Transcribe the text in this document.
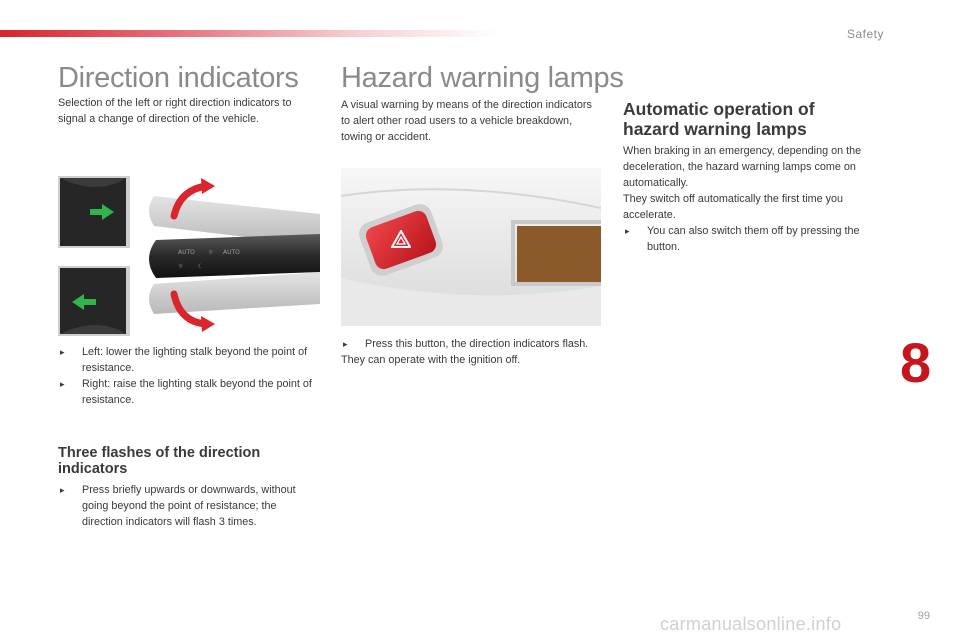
Safety
Direction indicators

Selection of the left or right direction indicators to signal a change of direction of the vehicle.

AUTO ☼ AUTO
☼ ☾
▸	Left: lower the lighting stalk beyond the point of resistance.
▸	Right: raise the lighting stalk beyond the point of resistance.
Three flashes of the direction indicators
▸	Press briefly upwards or downwards, without going beyond the point of resistance; the direction indicators will flash 3 times.
Hazard warning lamps

A visual warning by means of the direction indicators to alert other road users to a vehicle breakdown, towing or accident.

▸	Press this button, the direction indicators flash.
They can operate with the ignition off.
Automatic operation of hazard warning lamps

When braking in an emergency, depending on the deceleration, the hazard warning lamps come on automatically.
They switch off automatically the first time you accelerate.

▸	You can also switch them off by pressing the button.
8
carmanualsonline.info	99
